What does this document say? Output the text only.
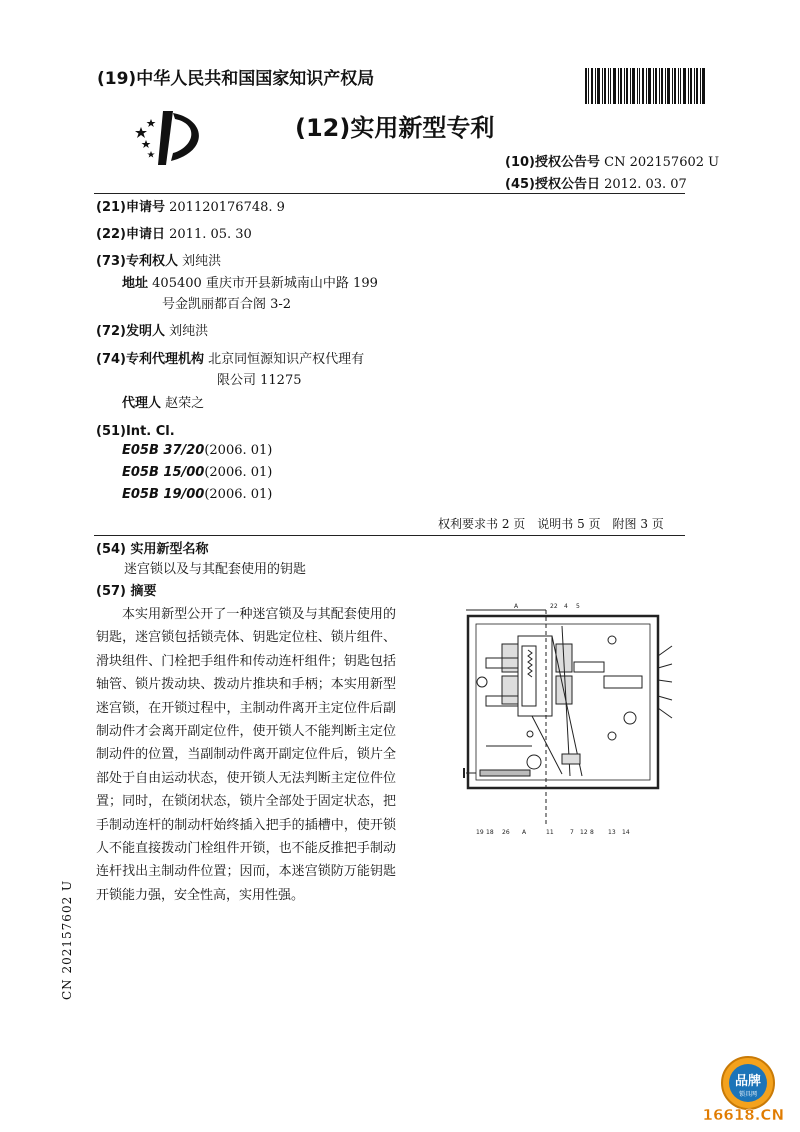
(19)中华人民共和国国家知识产权局
(12)实用新型专利
(10)授权公告号 CN 202157602 U
(45)授权公告日 2012. 03. 07
(21)申请号 201120176748. 9
(22)申请日 2011. 05. 30
(73)专利权人 刘纯洪
地址 405400 重庆市开县新城南山中路 199
号金凯丽都百合阁 3-2
(72)发明人 刘纯洪
(74)专利代理机构 北京同恒源知识产权代理有
限公司 11275
代理人 赵荣之
(51)Int. Cl.
E05B 37/20(2006. 01)
E05B 15/00(2006. 01)
E05B 19/00(2006. 01)
权利要求书 2 页　说明书 5 页　附图 3 页
(54) 实用新型名称
迷宫锁以及与其配套使用的钥匙
(57) 摘要
本实用新型公开了一种迷宫锁及与其配套使用的钥匙，迷宫锁包括锁壳体、钥匙定位柱、锁片组件、滑块组件、门栓把手组件和传动连杆组件；钥匙包括轴管、锁片拨动块、拨动片推块和手柄；本实用新型迷宫锁，在开锁过程中，主制动件离开主定位件后副制动件才会离开副定位件，使开锁人不能判断主定位制动件的位置，当副制动件离开副定位件后，锁片全部处于自由运动状态，使开锁人无法判断主定位件位置；同时，在锁闭状态，锁片全部处于固定状态，把手制动连杆的制动杆始终插入把手的插槽中，使开锁人不能直接拨动门栓组件开锁，也不能反推把手制动连杆找出主制动件位置；因而，本迷宫锁防万能钥匙开锁能力强，安全性高，实用性强。
A	22 4 5
19 18 26 A	11	7 12 8 13 14
CN 202157602 U
品牌
锁具网
16618.CN
